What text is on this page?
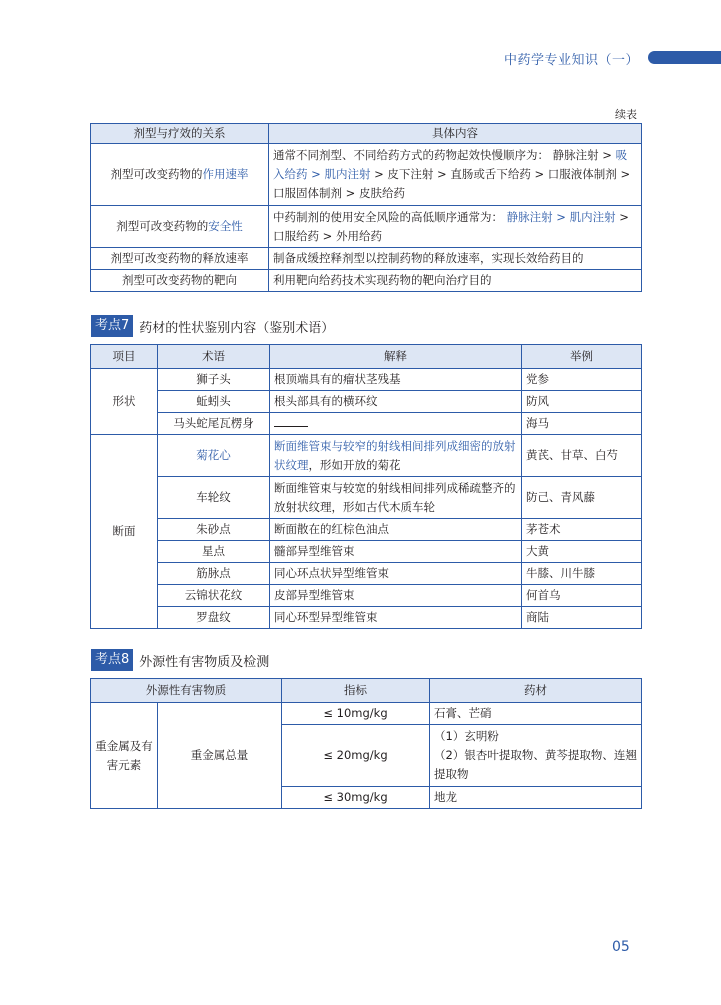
中药学专业知识（一）
续表
剂型与疗效的关系	具体内容
剂型可改变药物的作用速率	通常不同剂型、不同给药方式的药物起效快慢顺序为： 静脉注射 > 吸入给药 > 肌内注射 > 皮下注射 > 直肠或舌下给药 > 口服液体制剂 > 口服固体制剂 > 皮肤给药
剂型可改变药物的安全性	中药制剂的使用安全风险的高低顺序通常为： 静脉注射 > 肌内注射 > 口服给药 > 外用给药
剂型可改变药物的释放速率	制备成缓控释剂型以控制药物的释放速率，实现长效给药目的
剂型可改变药物的靶向	利用靶向给药技术实现药物的靶向治疗目的
考点7 药材的性状鉴别内容（鉴别术语）
项目	术语	解释	举例
形状	狮子头	根顶端具有的瘤状茎残基	党参
	蚯蚓头	根头部具有的横环纹	防风
	马头蛇尾瓦楞身		海马
断面	菊花心	断面维管束与较窄的射线相间排列成细密的放射状纹理，形如开放的菊花	黄芪、甘草、白芍
	车轮纹	断面维管束与较宽的射线相间排列成稀疏整齐的放射状纹理，形如古代木质车轮	防己、青风藤
	朱砂点	断面散在的红棕色油点	茅苍术
	星点	髓部异型维管束	大黄
	筋脉点	同心环点状异型维管束	牛膝、川牛膝
	云锦状花纹	皮部异型维管束	何首乌
	罗盘纹	同心环型异型维管束	商陆
考点8 外源性有害物质及检测
外源性有害物质		指标	药材
重金属及有害元素	重金属总量	≤ 10mg/kg	石膏、芒硝
		≤ 20mg/kg	（1）玄明粉
（2）银杏叶提取物、黄芩提取物、连翘提取物

		≤ 30mg/kg	地龙
05
